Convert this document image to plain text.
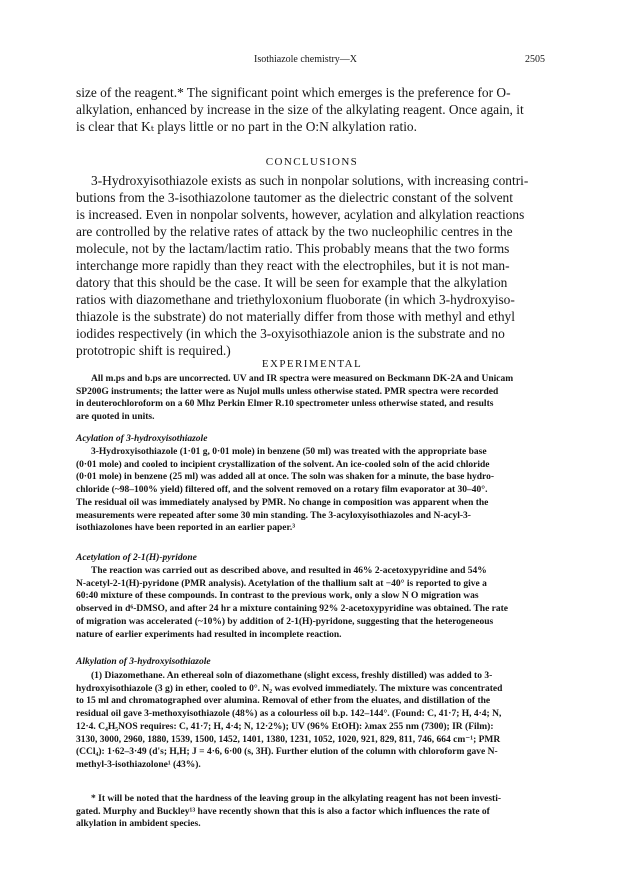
Isothiazole chemistry—X	2505
size of the reagent.* The significant point which emerges is the preference for O-
alkylation, enhanced by increase in the size of the alkylating reagent. Once again, it
is clear that Kₜ plays little or no part in the O:N alkylation ratio.
CONCLUSIONS
3-Hydroxyisothiazole exists as such in nonpolar solutions, with increasing contri-
butions from the 3-isothiazolone tautomer as the dielectric constant of the solvent
is increased. Even in nonpolar solvents, however, acylation and alkylation reactions
are controlled by the relative rates of attack by the two nucleophilic centres in the
molecule, not by the lactam/lactim ratio. This probably means that the two forms
interchange more rapidly than they react with the electrophiles, but it is not man-
datory that this should be the case. It will be seen for example that the alkylation
ratios with diazomethane and triethyloxonium fluoborate (in which 3-hydroxyiso-
thiazole is the substrate) do not materially differ from those with methyl and ethyl
iodides respectively (in which the 3-oxyisothiazole anion is the substrate and no
prototropic shift is required.)
EXPERIMENTAL
All m.ps and b.ps are uncorrected. UV and IR spectra were measured on Beckmann DK-2A and Unicam
SP200G instruments; the latter were as Nujol mulls unless otherwise stated. PMR spectra were recorded
in deuterochloroform on a 60 Mhz Perkin Elmer R.10 spectrometer unless otherwise stated, and results
are quoted in units.
Acylation of 3-hydroxyisothiazole
3-Hydroxyisothiazole (1·01 g, 0·01 mole) in benzene (50 ml) was treated with the appropriate base
(0·01 mole) and cooled to incipient crystallization of the solvent. An ice-cooled soln of the acid chloride
(0·01 mole) in benzene (25 ml) was added all at once. The soln was shaken for a minute, the base hydro-
chloride (~98–100% yield) filtered off, and the solvent removed on a rotary film evaporator at 30–40°.
The residual oil was immediately analysed by PMR. No change in composition was apparent when the
measurements were repeated after some 30 min standing. The 3-acyloxyisothiazoles and N-acyl-3-
isothiazolones have been reported in an earlier paper.³
Acetylation of 2-1(H)-pyridone
The reaction was carried out as described above, and resulted in 46% 2-acetoxypyridine and 54%
N-acetyl-2-1(H)-pyridone (PMR analysis). Acetylation of the thallium salt at −40° is reported to give a
60:40 mixture of these compounds. In contrast to the previous work, only a slow N O migration was
observed in d⁶-DMSO, and after 24 hr a mixture containing 92% 2-acetoxypyridine was obtained. The rate
of migration was accelerated (~10%) by addition of 2-1(H)-pyridone, suggesting that the heterogeneous
nature of earlier experiments had resulted in incomplete reaction.
Alkylation of 3-hydroxyisothiazole
(1) Diazomethane. An ethereal soln of diazomethane (slight excess, freshly distilled) was added to 3-
hydroxyisothiazole (3 g) in ether, cooled to 0°. N₂ was evolved immediately. The mixture was concentrated
to 15 ml and chromatographed over alumina. Removal of ether from the eluates, and distillation of the
residual oil gave 3-methoxyisothiazole (48%) as a colourless oil b.p. 142–144°. (Found: C, 41·7; H, 4·4; N,
12·4. C₄H₅NOS requires: C, 41·7; H, 4·4; N, 12·2%); UV (96% EtOH): λmax 255 nm (7300); IR (Film):
3130, 3000, 2960, 1880, 1539, 1500, 1452, 1401, 1380, 1231, 1052, 1020, 921, 829, 811, 746, 664 cm⁻¹; PMR
(CCl₄): 1·62–3·49 (d's; H,H; J = 4·6, 6·00 (s, 3H). Further elution of the column with chloroform gave N-
methyl-3-isothiazolone¹ (43%).
* It will be noted that the hardness of the leaving group in the alkylating reagent has not been investi-
gated. Murphy and Buckley¹³ have recently shown that this is also a factor which influences the rate of
alkylation in ambident species.
